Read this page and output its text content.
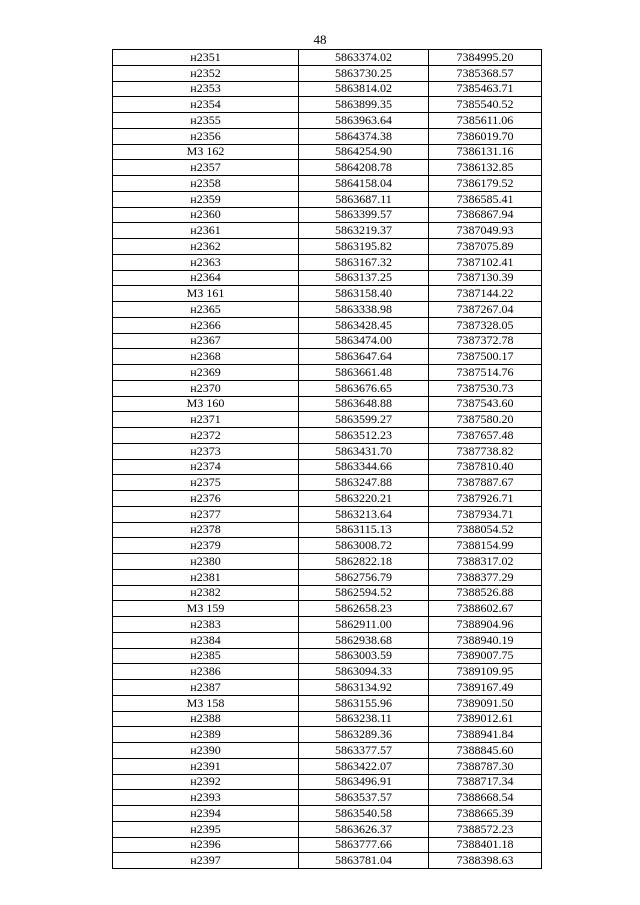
48
н2351	5863374.02	7384995.20
н2352	5863730.25	7385368.57
н2353	5863814.02	7385463.71
н2354	5863899.35	7385540.52
н2355	5863963.64	7385611.06
н2356	5864374.38	7386019.70
МЗ 162	5864254.90	7386131.16
н2357	5864208.78	7386132.85
н2358	5864158.04	7386179.52
н2359	5863687.11	7386585.41
н2360	5863399.57	7386867.94
н2361	5863219.37	7387049.93
н2362	5863195.82	7387075.89
н2363	5863167.32	7387102.41
н2364	5863137.25	7387130.39
МЗ 161	5863158.40	7387144.22
н2365	5863338.98	7387267.04
н2366	5863428.45	7387328.05
н2367	5863474.00	7387372.78
н2368	5863647.64	7387500.17
н2369	5863661.48	7387514.76
н2370	5863676.65	7387530.73
МЗ 160	5863648.88	7387543.60
н2371	5863599.27	7387580.20
н2372	5863512.23	7387657.48
н2373	5863431.70	7387738.82
н2374	5863344.66	7387810.40
н2375	5863247.88	7387887.67
н2376	5863220.21	7387926.71
н2377	5863213.64	7387934.71
н2378	5863115.13	7388054.52
н2379	5863008.72	7388154.99
н2380	5862822.18	7388317.02
н2381	5862756.79	7388377.29
н2382	5862594.52	7388526.88
МЗ 159	5862658.23	7388602.67
н2383	5862911.00	7388904.96
н2384	5862938.68	7388940.19
н2385	5863003.59	7389007.75
н2386	5863094.33	7389109.95
н2387	5863134.92	7389167.49
МЗ 158	5863155.96	7389091.50
н2388	5863238.11	7389012.61
н2389	5863289.36	7388941.84
н2390	5863377.57	7388845.60
н2391	5863422.07	7388787.30
н2392	5863496.91	7388717.34
н2393	5863537.57	7388668.54
н2394	5863540.58	7388665.39
н2395	5863626.37	7388572.23
н2396	5863777.66	7388401.18
н2397	5863781.04	7388398.63
